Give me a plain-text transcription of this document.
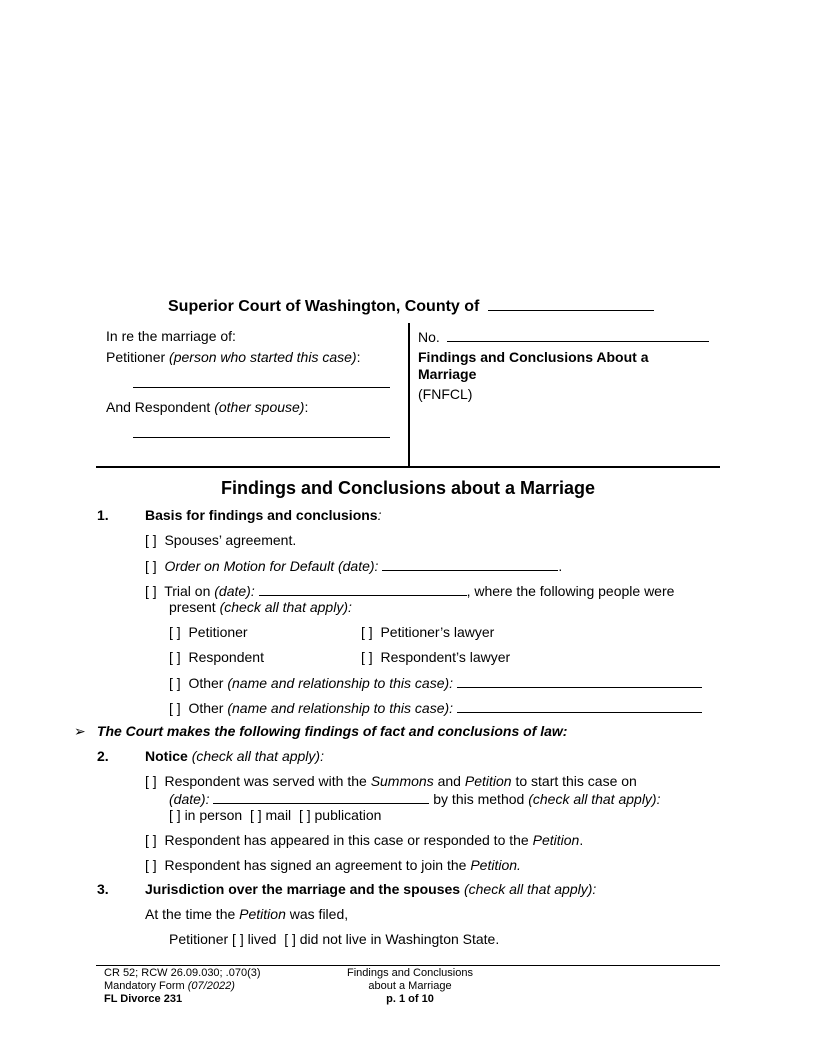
Superior Court of Washington, County of
In re the marriage of:
Petitioner (person who started this case):
And Respondent (other spouse):
No.
Findings and Conclusions About a
Marriage
(FNFCL)
Findings and Conclusions about a Marriage
1.	Basis for findings and conclusions:
[ ] Spouses’ agreement.
[ ] Order on Motion for Default (date):	.
[ ] Trial on (date):	, where the following people were
present (check all that apply):
[ ] Petitioner	[ ] Petitioner’s lawyer
[ ] Respondent	[ ] Respondent’s lawyer
[ ] Other (name and relationship to this case):
[ ] Other (name and relationship to this case):
➢ The Court makes the following findings of fact and conclusions of law:
2.	Notice (check all that apply):
[ ] Respondent was served with the Summons and Petition to start this case on
(date):	by this method (check all that apply):
[ ] in person [ ] mail [ ] publication
[ ] Respondent has appeared in this case or responded to the Petition.
[ ] Respondent has signed an agreement to join the Petition.
3.	Jurisdiction over the marriage and the spouses (check all that apply):
At the time the Petition was filed,
Petitioner [ ] lived [ ] did not live in Washington State.
CR 52; RCW 26.09.030; .070(3)
Mandatory Form (07/2022)
FL Divorce 231
Findings and Conclusions
about a Marriage
p. 1 of 10
